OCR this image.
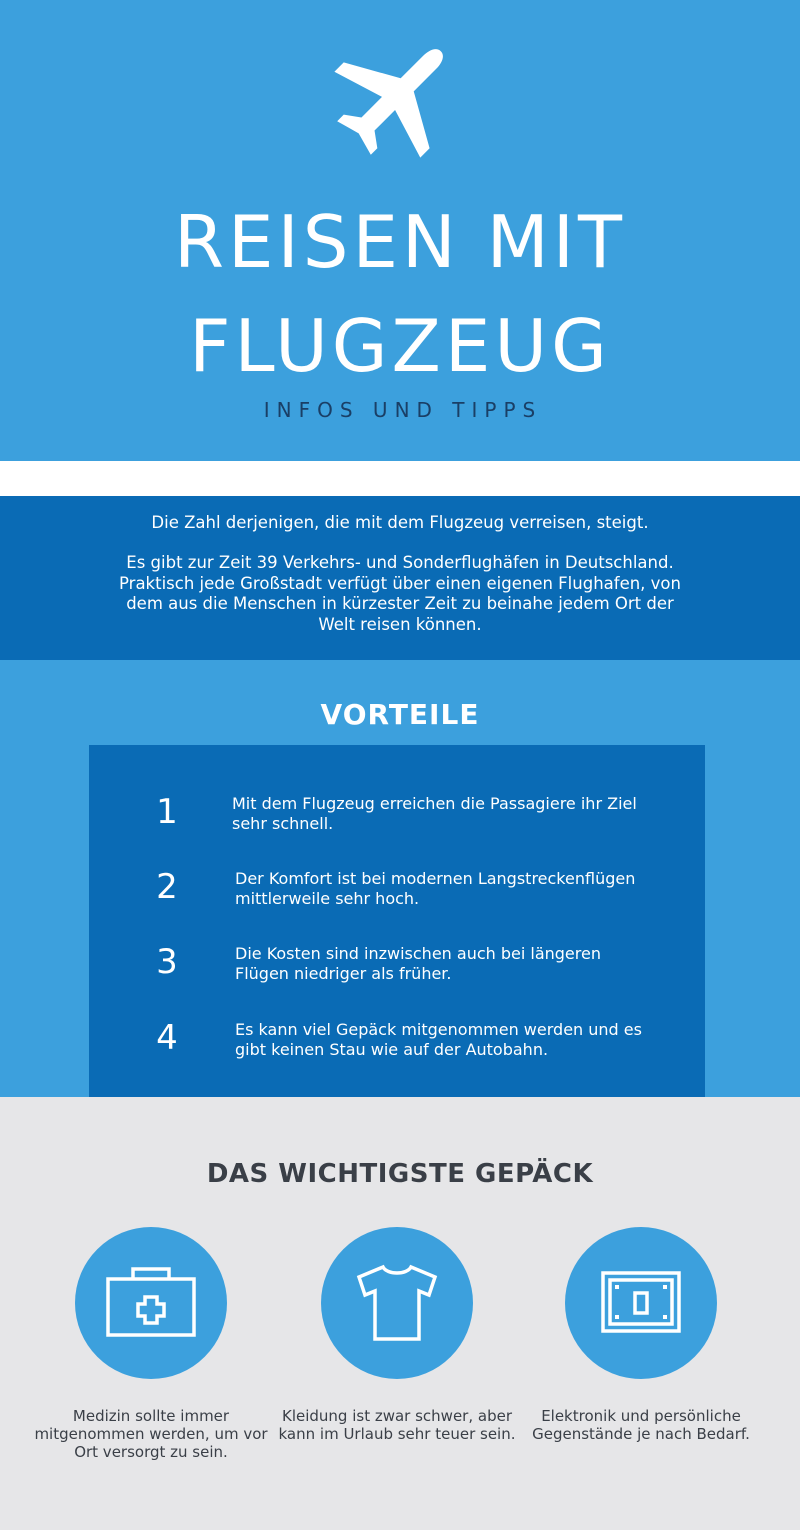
REISEN MIT
FLUGZEUG
INFOS UND TIPPS

Die Zahl derjenigen, die mit dem Flugzeug verreisen, steigt.

Es gibt zur Zeit 39 Verkehrs- und Sonderflughäfen in Deutschland. Praktisch jede Großstadt verfügt über einen eigenen Flughafen, von dem aus die Menschen in kürzester Zeit zu beinahe jedem Ort der Welt reisen können.

VORTEILE
1	Mit dem Flugzeug erreichen die Passagiere ihr Ziel sehr schnell.
2	Der Komfort ist bei modernen Langstreckenflügen mittlerweile sehr hoch.
3	Die Kosten sind inzwischen auch bei längeren Flügen niedriger als früher.
4	Es kann viel Gepäck mitgenommen werden und es gibt keinen Stau wie auf der Autobahn.
DAS WICHTIGSTE GEPÄCK

Medizin sollte immer mitgenommen werden, um vor Ort versorgt zu sein.

Kleidung ist zwar schwer, aber kann im Urlaub sehr teuer sein.

Elektronik und persönliche Gegenstände je nach Bedarf.
